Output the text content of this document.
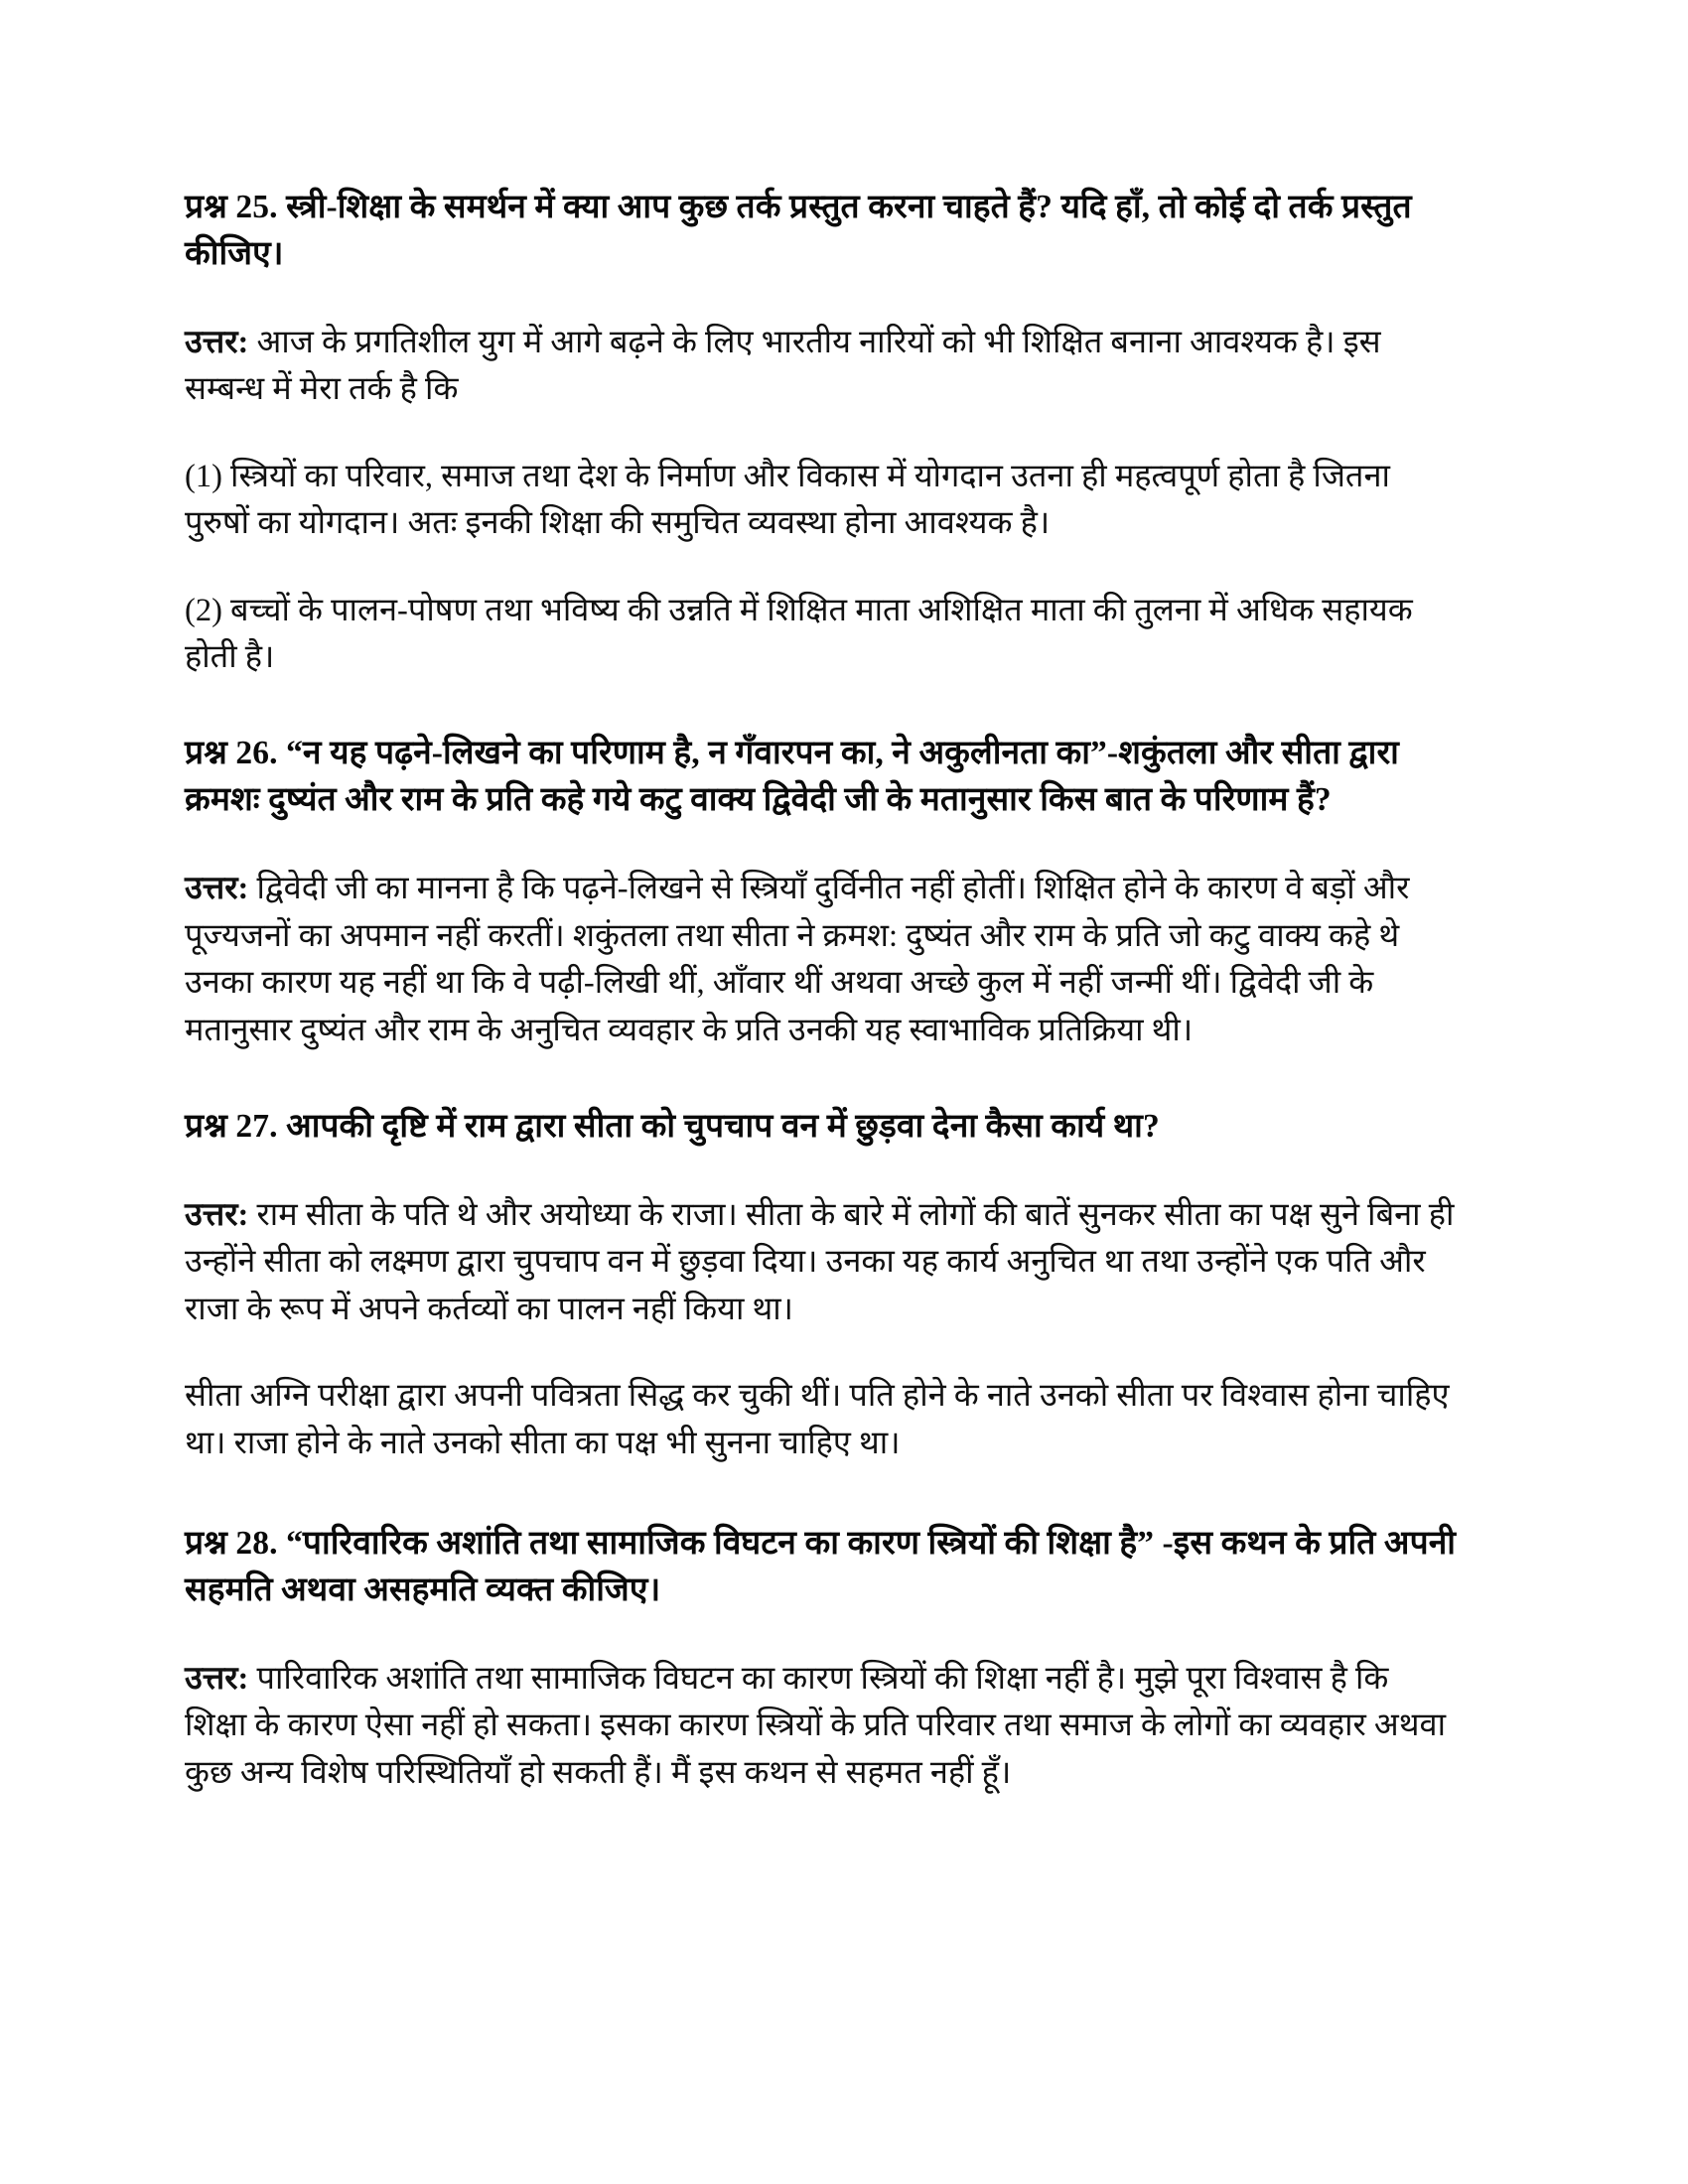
प्रश्न 25. स्त्री-शिक्षा के समर्थन में क्या आप कुछ तर्क प्रस्तुत करना चाहते हैं? यदि हाँ, तो कोई दो तर्क प्रस्तुत कीजिए।
उत्तर: आज के प्रगतिशील युग में आगे बढ़ने के लिए भारतीय नारियों को भी शिक्षित बनाना आवश्यक है। इस सम्बन्ध में मेरा तर्क है कि
(1) स्त्रियों का परिवार, समाज तथा देश के निर्माण और विकास में योगदान उतना ही महत्वपूर्ण होता है जितना पुरुषों का योगदान। अतः इनकी शिक्षा की समुचित व्यवस्था होना आवश्यक है।
(2) बच्चों के पालन-पोषण तथा भविष्य की उन्नति में शिक्षित माता अशिक्षित माता की तुलना में अधिक सहायक होती है।
प्रश्न 26. “न यह पढ़ने-लिखने का परिणाम है, न गॅंवारपन का, ने अकुलीनता का”-शकुंतला और सीता द्वारा क्रमशः दुष्यंत और राम के प्रति कहे गये कटु वाक्य द्विवेदी जी के मतानुसार किस बात के परिणाम हैं?
उत्तर: द्विवेदी जी का मानना है कि पढ़ने-लिखने से स्त्रियाँ दुर्विनीत नहीं होतीं। शिक्षित होने के कारण वे बड़ों और पूज्यजनों का अपमान नहीं करतीं। शकुंतला तथा सीता ने क्रमश: दुष्यंत और राम के प्रति जो कटु वाक्य कहे थे उनका कारण यह नहीं था कि वे पढ़ी-लिखी थीं, आँवार थीं अथवा अच्छे कुल में नहीं जन्मीं थीं। द्विवेदी जी के मतानुसार दुष्यंत और राम के अनुचित व्यवहार के प्रति उनकी यह स्वाभाविक प्रतिक्रिया थी।
प्रश्न 27. आपकी दृष्टि में राम द्वारा सीता को चुपचाप वन में छुड़वा देना कैसा कार्य था?
उत्तर: राम सीता के पति थे और अयोध्या के राजा। सीता के बारे में लोगों की बातें सुनकर सीता का पक्ष सुने बिना ही उन्होंने सीता को लक्ष्मण द्वारा चुपचाप वन में छुड़वा दिया। उनका यह कार्य अनुचित था तथा उन्होंने एक पति और राजा के रूप में अपने कर्तव्यों का पालन नहीं किया था।
सीता अग्नि परीक्षा द्वारा अपनी पवित्रता सिद्ध कर चुकी थीं। पति होने के नाते उनको सीता पर विश्वास होना चाहिए था। राजा होने के नाते उनको सीता का पक्ष भी सुनना चाहिए था।
प्रश्न 28. “पारिवारिक अशांति तथा सामाजिक विघटन का कारण स्त्रियों की शिक्षा है” -इस कथन के प्रति अपनी सहमति अथवा असहमति व्यक्त कीजिए।
उत्तर: पारिवारिक अशांति तथा सामाजिक विघटन का कारण स्त्रियों की शिक्षा नहीं है। मुझे पूरा विश्वास है कि शिक्षा के कारण ऐसा नहीं हो सकता। इसका कारण स्त्रियों के प्रति परिवार तथा समाज के लोगों का व्यवहार अथवा कुछ अन्य विशेष परिस्थितियाँ हो सकती हैं। मैं इस कथन से सहमत नहीं हूँ।
